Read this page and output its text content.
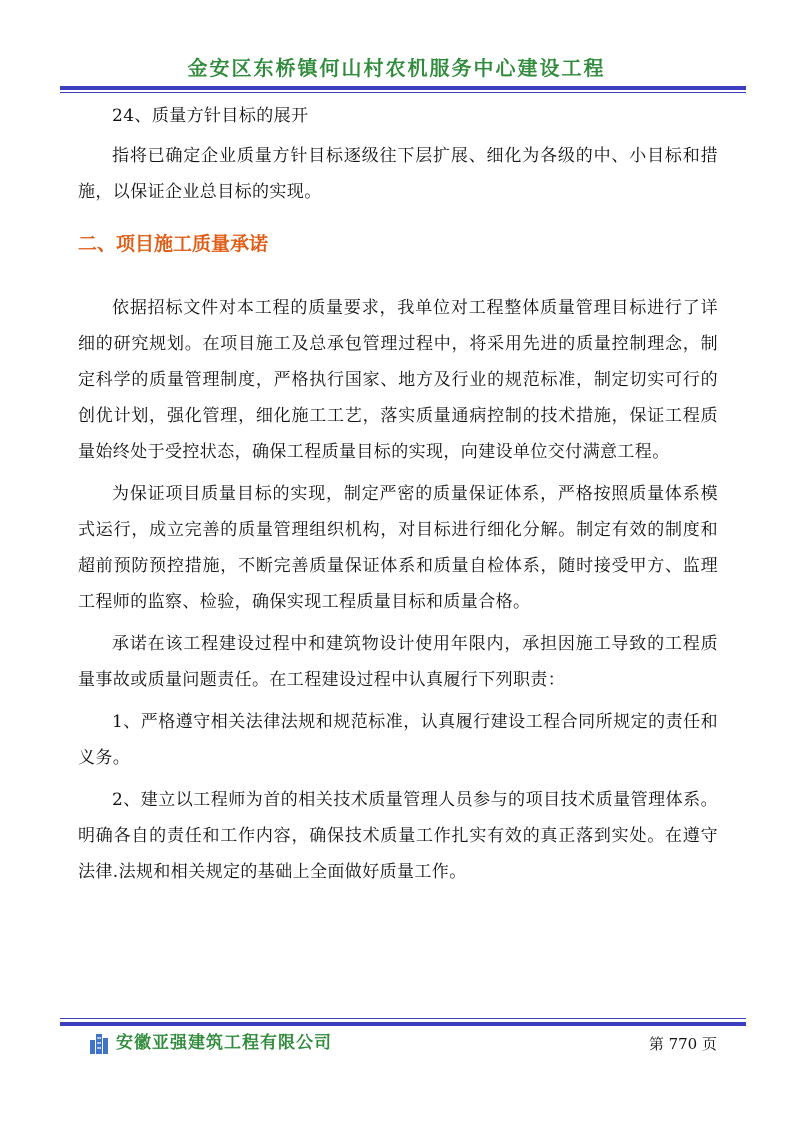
金安区东桥镇何山村农机服务中心建设工程

24、质量方针目标的展开

指将已确定企业质量方针目标逐级往下层扩展、细化为各级的中、小目标和措施，以保证企业总目标的实现。

二、项目施工质量承诺

依据招标文件对本工程的质量要求，我单位对工程整体质量管理目标进行了详细的研究规划。在项目施工及总承包管理过程中，将采用先进的质量控制理念，制定科学的质量管理制度，严格执行国家、地方及行业的规范标准，制定切实可行的创优计划，强化管理，细化施工工艺，落实质量通病控制的技术措施，保证工程质量始终处于受控状态，确保工程质量目标的实现，向建设单位交付满意工程。

为保证项目质量目标的实现，制定严密的质量保证体系，严格按照质量体系模式运行，成立完善的质量管理组织机构，对目标进行细化分解。制定有效的制度和超前预防预控措施，不断完善质量保证体系和质量自检体系，随时接受甲方、监理工程师的监察、检验，确保实现工程质量目标和质量合格。

承诺在该工程建设过程中和建筑物设计使用年限内，承担因施工导致的工程质量事故或质量问题责任。在工程建设过程中认真履行下列职责：

1、严格遵守相关法律法规和规范标准，认真履行建设工程合同所规定的责任和义务。

2、建立以工程师为首的相关技术质量管理人员参与的项目技术质量管理体系。明确各自的责任和工作内容，确保技术质量工作扎实有效的真正落到实处。在遵守法律.法规和相关规定的基础上全面做好质量工作。

安徽亚强建筑工程有限公司	第 770 页
